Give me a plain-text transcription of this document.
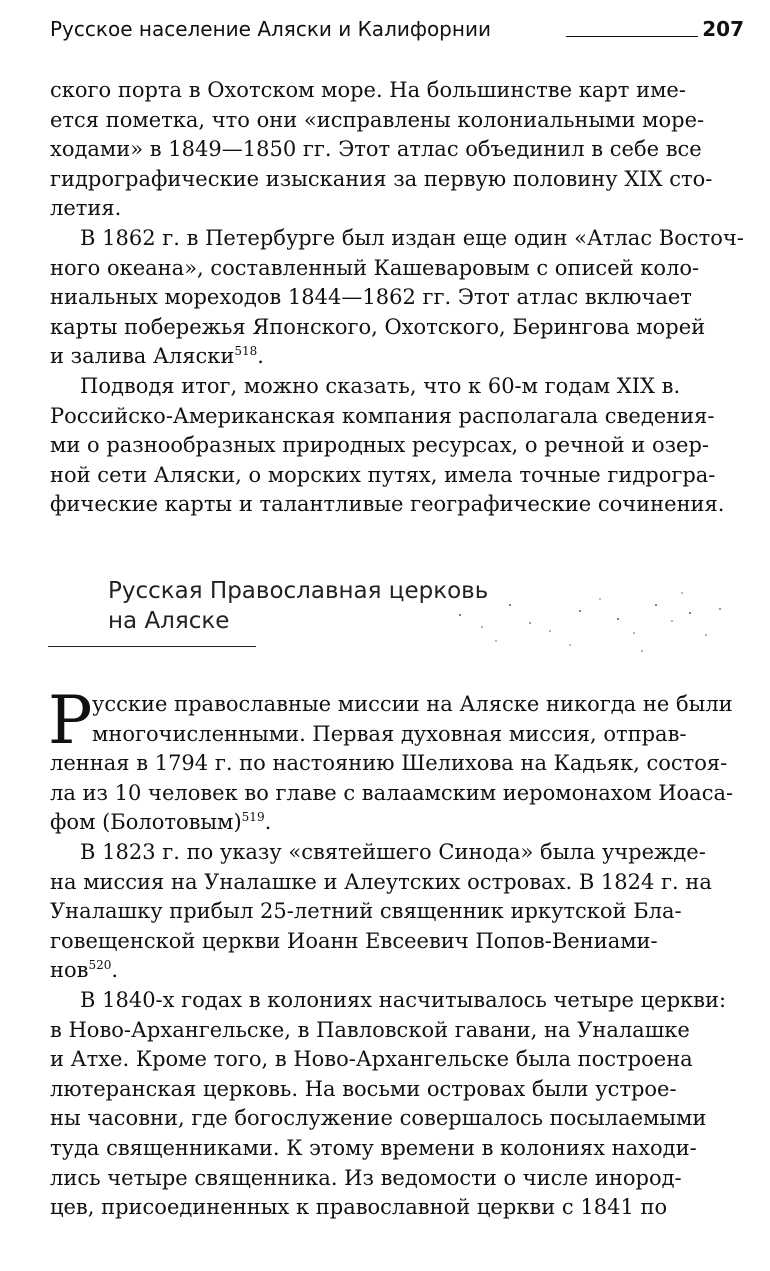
Русское население Аляски и Калифорнии	207
ского порта в Охотском море. На большинстве карт име-
ется пометка, что они «исправлены колониальными море-
ходами» в 1849—1850 гг. Этот атлас объединил в себе все
гидрографические изыскания за первую половину XIX сто-
летия.
В 1862 г. в Петербурге был издан еще один «Атлас Восточ-
ного океана», составленный Кашеваровым с описей коло-
ниальных мореходов 1844—1862 гг. Этот атлас включает
карты побережья Японского, Охотского, Берингова морей
и залива Аляски$^{518}$.
Подводя итог, можно сказать, что к 60-м годам XIX в.
Российско-Американская компания располагала сведения-
ми о разнообразных природных ресурсах, о речной и озер-
ной сети Аляски, о морских путях, имела точные гидрогра-
фические карты и талантливые географические сочинения.
Русская Православная церковь
на Аляске
Р усские православные миссии на Аляске никогда не были
многочисленными. Первая духовная миссия, отправ-
ленная в 1794 г. по настоянию Шелихова на Кадьяк, состоя-
ла из 10 человек во главе с валаамским иеромонахом Иоаса-
фом (Болотовым)$^{519}$.
В 1823 г. по указу «святейшего Синода» была учрежде-
на миссия на Уналашке и Алеутских островах. В 1824 г. на
Уналашку прибыл 25-летний священник иркутской Бла-
говещенской церкви Иоанн Евсеевич Попов-Вениами-
нов$^{520}$.
В 1840-х годах в колониях насчитывалось четыре церкви:
в Ново-Архангельске, в Павловской гавани, на Уналашке
и Атхе. Кроме того, в Ново-Архангельске была построена
лютеранская церковь. На восьми островах были устрое-
ны часовни, где богослужение совершалось посылаемыми
туда священниками. К этому времени в колониях находи-
лись четыре священника. Из ведомости о числе инород-
цев, присоединенных к православной церкви с 1841 по
